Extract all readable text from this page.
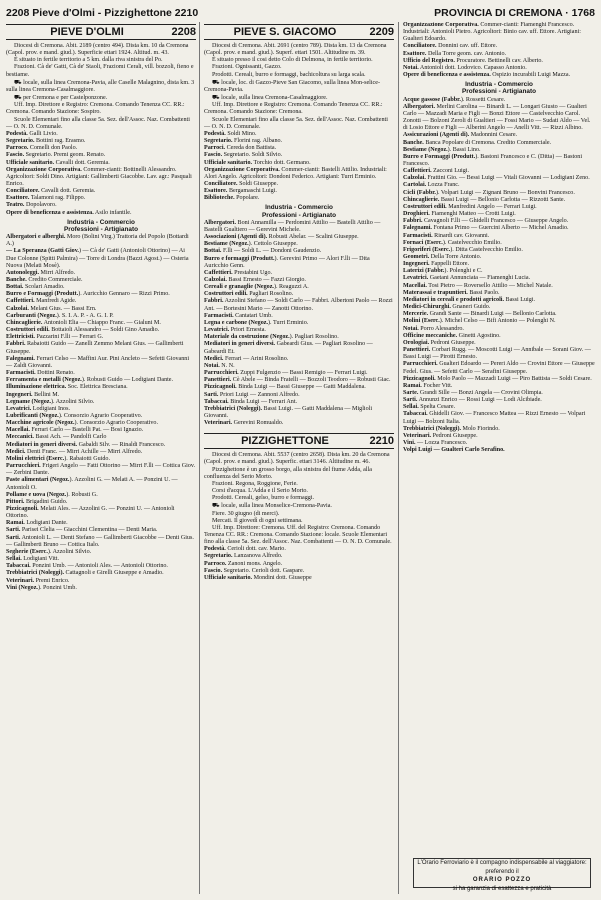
2208 Pieve d'Olmi - Pizzighettone 2210	PROVINCIA DI CREMONA · 1768
PIEVE D'OLMI	2208

Diocesi di Cremona. Abit. 2189 (centro 494). Dista km. 10 da Cremona (Capol. prov. e mand. giud.). Superficie ettari 1924. Altitud. m. 43.

È situato in fertile territorio a 5 km. dalla riva sinistra del Po.

Frazioni. Cà de' Gatti, Cà de' Staoli, Fraziomi Cerali, vill. bozzoli, fieno e bestiame.

⛟ locale, sulla linea Cremona-Pavia, alle Caselle Malagnino, dista km. 3 sulla linea Cremona-Casalmaggiore.

⛟ per Cremona e per Castelponzone.

Uff. Imp. Direttore e Registro: Cremona. Comando Tenenza CC. RR.: Cremona. Comando Stazione: Sospiro.

Scuole Elementari fino alla classe 5a. Sez. dell'Assoc. Naz. Combattenti — O. N. D. Comunale.

Podestà. Galli Livio.

Segretario. Bottini rag. Erasmo.

Parroco. Comelli don Paolo.

Fascio. Segretario. Premi geom. Renato.

Ufficiale sanitario. Cavalli dott. Geremia.

Organizzazione Corporativa. Commer-cianti: Bottinelli Alessandro. Agricoltori: Soldi Dino. Artigiani: Gallimberti Giacobbe. Lav. agr.: Pasquali Enrico.

Conciliatore. Cavalli dott. Geremia.

Esattore. Talamoni rag. Filippo.

Teatro. Dopolavoro.

Opere di beneficenza e assistenza. Asilo infantile.

Industria - Commercio
Professioni - Artigianato

Albergatori e alberghi. Moro (Bolini Virg.) Trattoria del Popolo (Bottardi A.)

— La Speranza (Gatti Giov.) — Cà de' Gatti (Antonioli Ottorino) — Ai Due Colonne (Spitti Palmira) — Torre di Londra (Bazzi Agost.) — Osteria Nuova (Melati Mosè).

Autonoleggi. Mirri Alfredo.

Banche. Credito Commerciale.

Bottai. Scolari Amadio.

Burro e Formaggi (Produtt.). Auricchio Gennaro — Rizzi Primo.

Caffettieri. Manfredi Agide.

Calzolai. Melani Gius. — Bassi Ern.

Carburanti (Negoz.). S. I. A. P. - A. G. I. P.

Chincaglierie. Antonioli Elia — Chiappo Franc. — Gialuni M.

Costruttori edili. Bottaioli Alessandro — Soldi Gino Amadio.

Elettricisti. Pazzarini F.lli — Ferrari G.

Fabbri. Rabaiotti Guido — Zanelli Zemmo Melani Gius. — Gallimberti Giuseppe.

Falegnami. Ferrari Celso — Maffini Aur. Pini Ancleto — Sefetti Giovanni — Zaldi Giovanni.

Farmacisti. Dottini Renato.

Ferramenta e metalli (Negoz.). Robusti Guido — Lodigiani Dante.

Illuminazione elettrica. Soc. Elettrica Bresciana.

Ingegneri. Bellini M.

Legname (Negoz.). Azzolini Silvio.

Levatrici. Lodigiani Inos.

Lubrificanti (Negoz.). Consorzio Agrario Cooperativo.

Macchine agricole (Negoz.). Consorzio Agrario Cooperativo.

Macellai. Ferrari Carlo — Bastelli Pat. — Bosi Ignazio.

Meccanici. Bassi Ach. — Pandolfi Carlo

Mediatori in generi diversi. Gabaldi Silv. — Rinaldi Francesco.

Medici. Denti Franc. — Mirri Achille — Mirri Alfredo.

Molini elettrici (Eserc.). Rabaiotti Guido.

Parrucchieri. Frigeri Angelo — Fatti Ottorino — Mirri F.lli — Cottica Giov. — Zerbini Dante.

Paste alimentari (Negoz.). Azzolini G. — Melati A. — Ponzini U. — Antonioli O.

Pollame e uova (Negoz.). Robusti G.

Pittori. Brigadini Guido.

Pizzicagnoli. Melati Ales. — Azzolini G. — Ponzini U. — Antonioli Ottorino.

Ramai. Lodigiani Dante.

Sarti. Parisei Clelia — Giacchini Clementina — Denti Maria.

Sarti. Antonioli L. — Denti Stefano — Gallimberti Giacobbe — Denti Gius. — Gallimberti Bruno — Cottica Italo.

Segherie (Eserc.). Azzolini Silvio.

Sellai. Lodigiani Vitt.

Tabaccai. Ponzini Umb. — Antonioli Ales. — Antonioli Ottorino.

Trebbiatrici (Noleggi). Cattagnoli e Girelli Giuseppe e Amadio.

Veterinari. Premi Enrico.

Vini (Negoz.). Ponzini Umb.

PIEVE S. GIACOMO	2209

Diocesi di Cremona. Abit. 2691 (centro 789). Dista km. 13 da Cremona (Capol. prov. e mand. giud.). Superf. ettari 1501. Altitudine m. 39.

È situato presso il cosi detto Colo di Delmona, in fertile territorio.

Frazioni. Ognissanti, Gazzo.

Prodotti. Cereali, burro e formaggi, bachicoltura su larga scala.

⛟ locale, loc. di Gazzo-Pieve San Giacomo, sulla linea Mon-selice-Cremona-Pavia.

⛟ locale, sulla linea Cremona-Casalmaggiore.

Uff. Imp. Direttore e Registro: Cremona. Comando Tenenza CC. RR.: Cremona. Comando Stazione: Cremona.

Scuole Elementari fino alla classe 5a. Sez. dell'Assoc. Naz. Combattenti — O. N. D. Comunale.

Podestà. Soldi Mino.

Segretario. Florini rag. Albano.

Parroci. Cereda don Battista.

Fascio. Segretario. Soldi Silvio.

Ufficiale sanitario. Torchio dott. Germano.

Organizzazione Corporativa. Commer-cianti: Bastelli Attilio. Industriali: Alori Angelo. Agricoltori: Dondoni Federico. Artigiani: Turri Erminio.

Conciliatore. Soldi Giuseppe.

Esattore. Bergamaschi Luigi.

Biblioteche. Popolare.

Industria - Commercio
Professioni - Artigianato

Albergatori. Boni Annamilla — Perdomini Attilio — Bastelli Attilio — Bastelli Gualtiero — Gerevini Michele.

Associazioni (Agenti di). Robusti Abelar. — Scalini Giuseppe.

Bestiame (Negoz.). Cettolo Giuseppe.

Bottai. F.lli — Soldi L. — Dondoni Gaudenzio.

Burro e formaggi (Produtt.). Gerevini Primo — Alori F.lli — Dita Auricchio Genn.

Caffettieri. Prestabini Ugo.

Calzolai. Bassi Ernesto — Fazzi Giorgio.

Cereali e granaglie (Negoz.). Reaguzzi A.

Costruttori edili. Pagliari Rosolino.

Fabbri. Azzolini Stefano — Soldi Carlo — Fabbri. Albertoni Paolo — Rozzi Ant. — Bortesini Mario — Zanotti Ottorino.

Farmacisti. Cantatari Umb.

Legna e carbone (Negoz.). Turri Erminio.

Levatrici. Priori Ernesta.

Materiale da costruzione (Negoz.). Pagliari Rosolino.

Mediatori in generi diversi. Gabeardi Gius. — Pagliari Rosolino — Gabeardi Et.

Medici. Ferrari — Arini Rosolino.

Notai. N. N.

Parrucchieri. Zuppi Fulgenzio — Bassi Remigio — Ferrari Luigi.

Panettieri. Cè Abele — Binda Fratelli — Bozzoli Teodoro — Robusti Giac.

Pizzicagnoli. Binda Luigi — Bassi Giuseppe — Gatti Maddalena.

Sarti. Priori Luigi — Zannoni Alfredo.

Tabaccai. Binda Luigi — Ferrari Ant.

Trebbiatrici (Noleggi). Bassi Luigi. — Gatti Maddalena — Miglioli Giovanni.

Veterinari. Gerevini Romualdo.

PIZZIGHETTONE	2210

Diocesi di Cremona. Abit. 5537 (centro 2658). Dista km. 20 da Cremona (Capol. prov. e mand. giud.). Superfic. ettari 3146. Altitudine m. 46.

Pizzighettone è un grosso borgo, alla sinistra del fiume Adda, alla confluenza del Serio Morto.

Frazioni. Regona, Roggione, Ferie.

Corsi d'acqua. L'Adda e il Serio Morto.

Prodotti. Cereali, gelso, burro e formaggi.

⛟ locale, sulla linea Monselice-Cremona-Pavia.

Fiere. 30 giugno (di merci).

Mercati. Il giovedì di ogni settimana.

Uff. Imp. Direttore: Cremona. Uff. del Registro: Cremona. Comando Tenenza CC. RR.: Cremona. Comando Stazione: locale. Scuole Elementari fino alla classe 5a. Sez. dell'Assoc. Naz. Combattenti — O. N. D. Comunale.

Podestà. Cerioli dott. cav. Mario.

Segretario. Lanzanova Alfredo.

Parroco. Zanoni mons. Angelo.

Fascio. Segretario. Cerioli dott. Gaspare.

Ufficiale sanitario. Mondini dott. Giuseppe

Organizzazione Corporativa. Commer-cianti: Fiamenghi Francesco. Industriali: Antonioli Pietro. Agricoltori: Binio cav. uff. Ettore. Artigiani: Gualteri Edoardo.

Conciliatore. Donnini cav. uff. Ettore.

Esattore. Della Torre geom. cav. Antonio.

Ufficio del Registro. Procuratore. Bettinelli cav. Alberto.

Notai. Antonioli dott. Lodovico. Capasso Antonio.

Opere di beneficenza e assistenza. Ospizio incurabili Luigi Mazza.

Industria - Commercio
Professioni - Artigianato

Acque gassose (Fabbr.). Rossetti Cesare.

Albergatori. Merlini Carolina — Binardi L. — Longari Giusto — Gualteri Carlo — Mazzadi Maria e Figli — Bonzi Ettore — Castelvecchio Carol.

Zonotti — Bolzoni Zeroli di Gualtieri — Fossi Mario — Sudati Aldo — Vel. di Losio Ettore e Figli — Alberini Angelo — Anelli Vitt. — Rizzi Albino.

Assicurazioni (Agenti di). Madonnini Cesare.

Banche. Banca Popolare di Cremona. Credito Commerciale.

Bestiame (Negoz.). Bassi Lino.

Burro e Formaggi (Produtt.). Bastoni Francesco e C. (Ditta) — Bastoni Francesco.

Caffettieri. Zacconi Luigi.

Calzolai. Frattini Gio. — Bessi Luigi — Vitali Giovanni — Lodigiani Zeno.

Cartolai. Lozza Franc.

Cicli (Fabbr.). Volpari Luigi — Zignani Bruno — Bonvini Francesco.

Chincaglierie. Bassi Luigi — Bellonio Carlotta — Rizzotti Sante.

Costruttori edili. Manfredini Angelo — Ferrari Luigi.

Droghieri. Fiamenghi Matteo — Crotti Luigi.

Fabbri. Cavagnoli F.lli — Ghidelli Francesco — Giuseppe Angelo.

Falegnami. Fontana Primo — Guercini Alberto — Michel Amadio.

Farmacisti. Rinardi cav. Giovanni.

Fornaci (Eserc.). Castelvecchio Emilio.

Frigoriferi (Eserc.). Ditta Castelvecchio Emilio.

Geometri. Della Torre Antonio.

Ingegneri. Fappelli Ettore.

Laterizi (Fabbr.). Polenghi e C.

Levatrici. Gaetani Annunciata — Fiamenghi Lucia.

Macellai. Tosi Pietro — Roversello Attilio — Michel Natale.

Materassai e trapuntieri. Bassi Paolo.

Mediatori in cereali e prodotti agricoli. Bassi Luigi.

Medici-Chirurghi. Gnaneri Guido.

Mercerie. Grandi Sante — Binardi Luigi — Bellonio Carlotta.

Molini (Eserc.). Michel Celso — Bifi Antonio — Polenghi N.

Notai. Porro Alessandro.

Officine meccaniche. Ginetti Agostino.

Orologiai. Pedroni Giuseppe.

Panettieri. Corbari Rugg. — Moscotti Luigi — Annibale — Sorani Giov. — Bassi Luigi — Pirotti Ernesto.

Parrucchieri. Gualteri Edoardo — Pereri Aldo — Crovini Ettore — Giuseppe Fedel. Gius. — Sefetti Carlo — Serafini Giuseppe.

Pizzicagnoli. Molo Paolo — Mazzadi Luigi — Piro Battista — Soldi Cesare.

Ramai. Focher Vitt.

Sarte. Grandi Sille — Bonzi Angela — Crovini Olimpia.

Sarti. Annunzi Enrico — Rossi Luigi — Lodi Alcibiade.

Sellai. Spelta Cesare.

Tabaccai. Ghidelli Giov. — Francesco Mattea — Rizzi Ernesto — Volpari Luigi — Bolzoni Italia.

Trebbiatrici (Noleggi). Molo Fiorindo.

Veterinari. Pedroni Giuseppe.

Vini. — Lozza Francesco.

Volpi Luigi — Gualteri Carlo Serafino.

L'Orario Ferroviario è il compagno indispensabile al viaggiatore: preferendo il
ORARIO POZZO
si ha garanzia di esattezza e praticità
